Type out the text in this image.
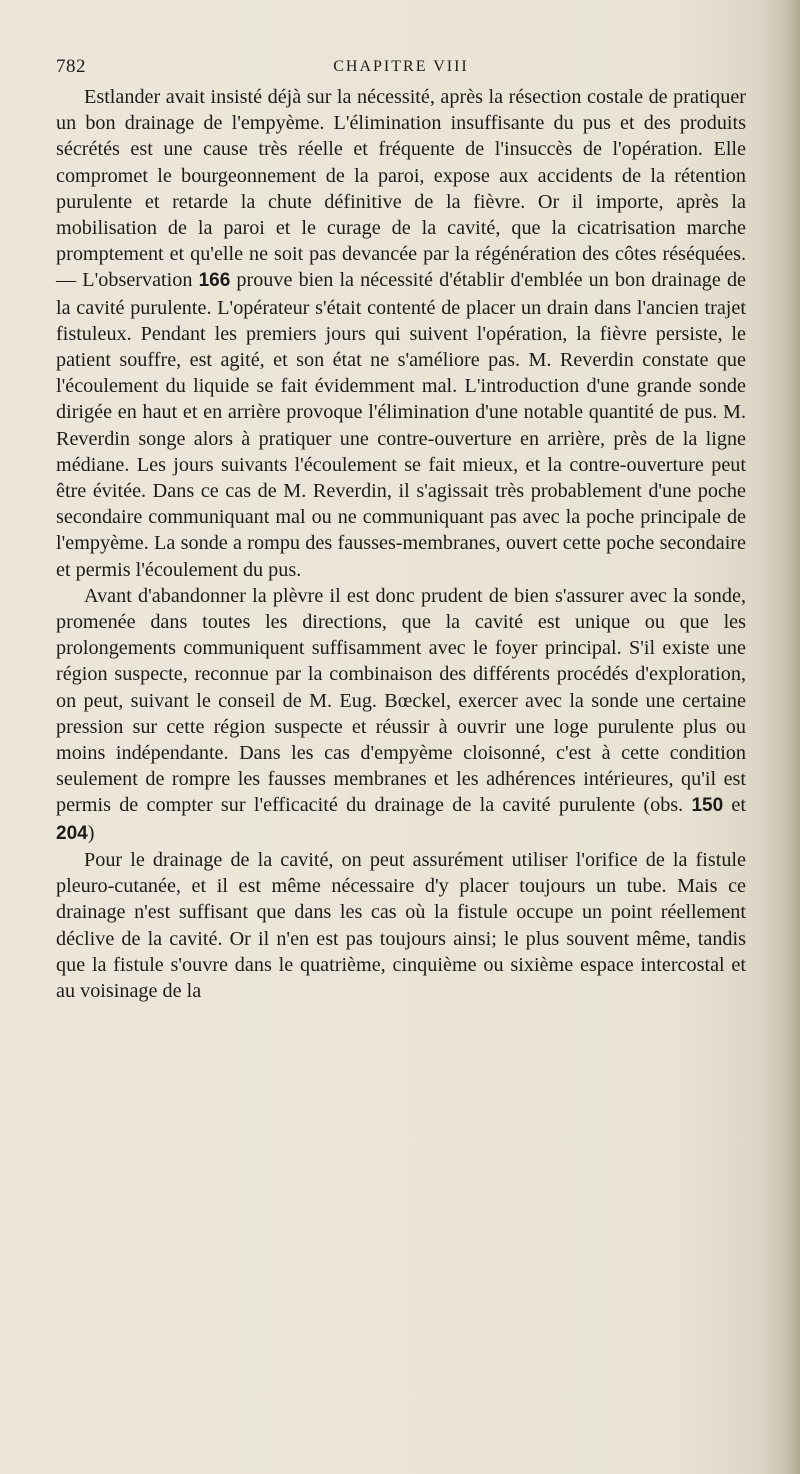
782	CHAPITRE VIII

Estlander avait insisté déjà sur la nécessité, après la résection costale de pratiquer un bon drainage de l'empyème. L'élimination insuffisante du pus et des produits sécrétés est une cause très réelle et fréquente de l'insuccès de l'opération. Elle compromet le bourgeonnement de la paroi, expose aux accidents de la rétention purulente et retarde la chute définitive de la fièvre. Or il importe, après la mobilisation de la paroi et le curage de la cavité, que la cicatrisation marche promptement et qu'elle ne soit pas devancée par la régénération des côtes réséquées. — L'observation 166 prouve bien la nécessité d'établir d'emblée un bon drainage de la cavité purulente. L'opérateur s'était contenté de placer un drain dans l'ancien trajet fistuleux. Pendant les premiers jours qui suivent l'opération, la fièvre persiste, le patient souffre, est agité, et son état ne s'améliore pas. M. Reverdin constate que l'écoulement du liquide se fait évidemment mal. L'introduction d'une grande sonde dirigée en haut et en arrière provoque l'élimination d'une notable quantité de pus. M. Reverdin songe alors à pratiquer une contre-ouverture en arrière, près de la ligne médiane. Les jours suivants l'écoulement se fait mieux, et la contre-ouverture peut être évitée. Dans ce cas de M. Reverdin, il s'agissait très probablement d'une poche secondaire communiquant mal ou ne communiquant pas avec la poche principale de l'empyème. La sonde a rompu des fausses-membranes, ouvert cette poche secondaire et permis l'écoulement du pus.

Avant d'abandonner la plèvre il est donc prudent de bien s'assurer avec la sonde, promenée dans toutes les directions, que la cavité est unique ou que les prolongements communiquent suffisamment avec le foyer principal. S'il existe une région suspecte, reconnue par la combinaison des différents procédés d'exploration, on peut, suivant le conseil de M. Eug. Bœckel, exercer avec la sonde une certaine pression sur cette région suspecte et réussir à ouvrir une loge purulente plus ou moins indépendante. Dans les cas d'empyème cloisonné, c'est à cette condition seulement de rompre les fausses membranes et les adhérences intérieures, qu'il est permis de compter sur l'efficacité du drainage de la cavité purulente (obs. 150 et 204)

Pour le drainage de la cavité, on peut assurément utiliser l'orifice de la fistule pleuro-cutanée, et il est même nécessaire d'y placer toujours un tube. Mais ce drainage n'est suffisant que dans les cas où la fistule occupe un point réellement déclive de la cavité. Or il n'en est pas toujours ainsi; le plus souvent même, tandis que la fistule s'ouvre dans le quatrième, cinquième ou sixième espace intercostal et au voisinage de la
